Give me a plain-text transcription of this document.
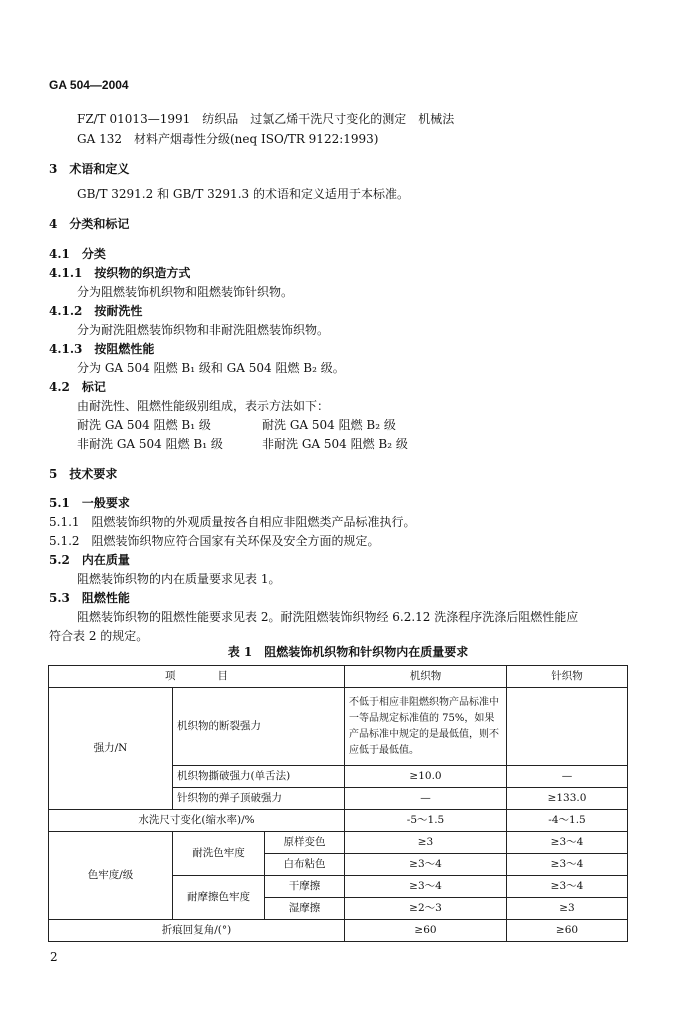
GA 504—2004
FZ/T 01013—1991　纺织品　过氯乙烯干洗尺寸变化的测定　机械法
GA 132　材料产烟毒性分级(neq ISO/TR 9122:1993)
3　术语和定义
GB/T 3291.2 和 GB/T 3291.3 的术语和定义适用于本标准。
4　分类和标记
4.1　分类
4.1.1　按织物的织造方式
分为阻燃装饰机织物和阻燃装饰针织物。
4.1.2　按耐洗性
分为耐洗阻燃装饰织物和非耐洗阻燃装饰织物。
4.1.3　按阻燃性能
分为 GA 504 阻燃 B₁ 级和 GA 504 阻燃 B₂ 级。
4.2　标记
由耐洗性、阻燃性能级别组成，表示方法如下：
耐洗 GA 504 阻燃 B₁ 级	耐洗 GA 504 阻燃 B₂ 级
非耐洗 GA 504 阻燃 B₁ 级	非耐洗 GA 504 阻燃 B₂ 级
5　技术要求
5.1　一般要求
5.1.1　阻燃装饰织物的外观质量按各自相应非阻燃类产品标准执行。
5.1.2　阻燃装饰织物应符合国家有关环保及安全方面的规定。
5.2　内在质量
阻燃装饰织物的内在质量要求见表 1。
5.3　阻燃性能
阻燃装饰织物的阻燃性能要求见表 2。耐洗阻燃装饰织物经 6.2.12 洗涤程序洗涤后阻燃性能应
符合表 2 的规定。
表 1　阻燃装饰机织物和针织物内在质量要求
项　　　　目			机织物	针织物
强力/N	机织物的断裂强力		不低于相应非阻燃织物产品标准中一等品规定标准值的 75%，如果产品标准中规定的是最低值，则不应低于最低值。	
	机织物撕破强力(单舌法)		≥10.0	—
	针织物的弹子顶破强力		—	≥133.0
水洗尺寸变化(缩水率)/%			-5～1.5	-4～1.5
色牢度/级	耐洗色牢度	原样变色	≥3	≥3～4
		白布粘色	≥3～4	≥3～4
	耐摩擦色牢度	干摩擦	≥3～4	≥3～4
		湿摩擦	≥2～3	≥3
折痕回复角/(°)			≥60	≥60
2
